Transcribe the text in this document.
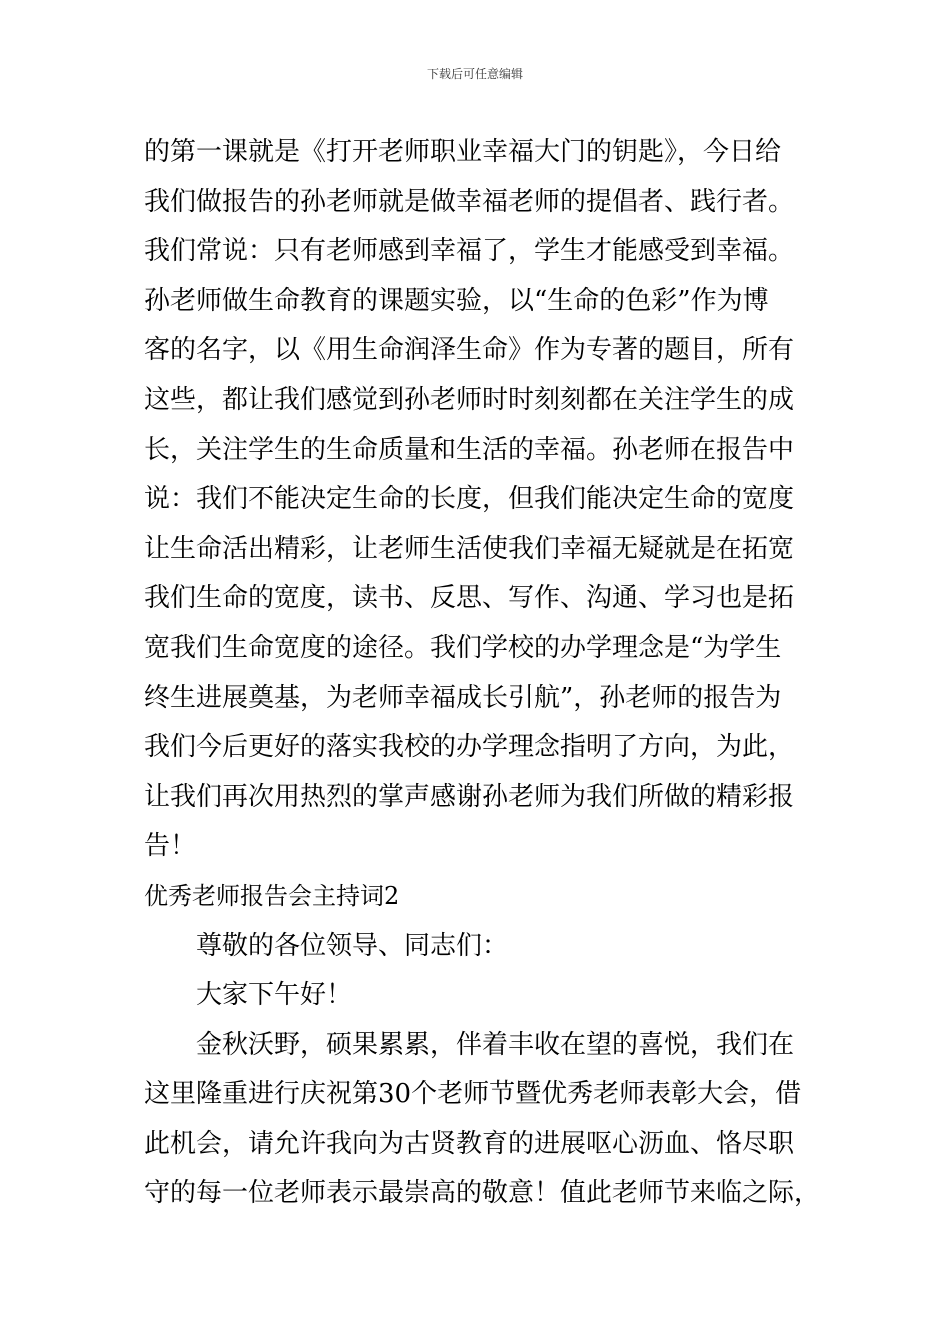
下载后可任意编辑
的第一课就是《打开老师职业幸福大门的钥匙》，今日给
我们做报告的孙老师就是做幸福老师的提倡者、践行者。
我们常说：只有老师感到幸福了，学生才能感受到幸福。
孙老师做生命教育的课题实验，以“生命的色彩”作为博
客的名字，以《用生命润泽生命》作为专著的题目，所有
这些，都让我们感觉到孙老师时时刻刻都在关注学生的成
长，关注学生的生命质量和生活的幸福。孙老师在报告中
说：我们不能决定生命的长度，但我们能决定生命的宽度
让生命活出精彩，让老师生活使我们幸福无疑就是在拓宽
我们生命的宽度，读书、反思、写作、沟通、学习也是拓
宽我们生命宽度的途径。我们学校的办学理念是“为学生
终生进展奠基，为老师幸福成长引航”，孙老师的报告为
我们今后更好的落实我校的办学理念指明了方向，为此，
让我们再次用热烈的掌声感谢孙老师为我们所做的精彩报
告！
优秀老师报告会主持词2
尊敬的各位领导、同志们：
大家下午好！
金秋沃野，硕果累累，伴着丰收在望的喜悦，我们在
这里隆重进行庆祝第30个老师节暨优秀老师表彰大会，借
此机会，请允许我向为古贤教育的进展呕心沥血、恪尽职
守的每一位老师表示最崇高的敬意！值此老师节来临之际，
